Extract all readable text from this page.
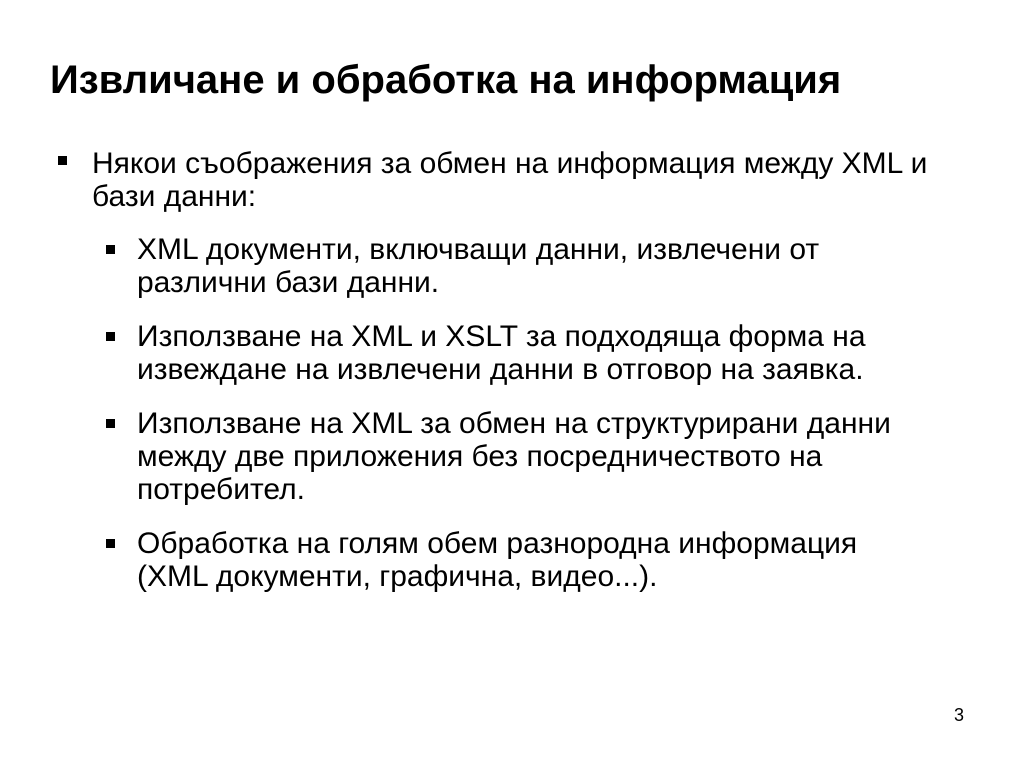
Извличане и обработка на информация
Някои съображения за обмен на информация между XML и бази данни:
XML документи, включващи данни, извлечени от различни бази данни.
Използване на XML и XSLT за подходяща форма на извеждане на извлечени данни в отговор на заявка.
Използване на XML за обмен на структурирани данни между две приложения без посредничеството на потребител.
Обработка на голям обем разнородна информация (XML документи, графична, видео...).
3
